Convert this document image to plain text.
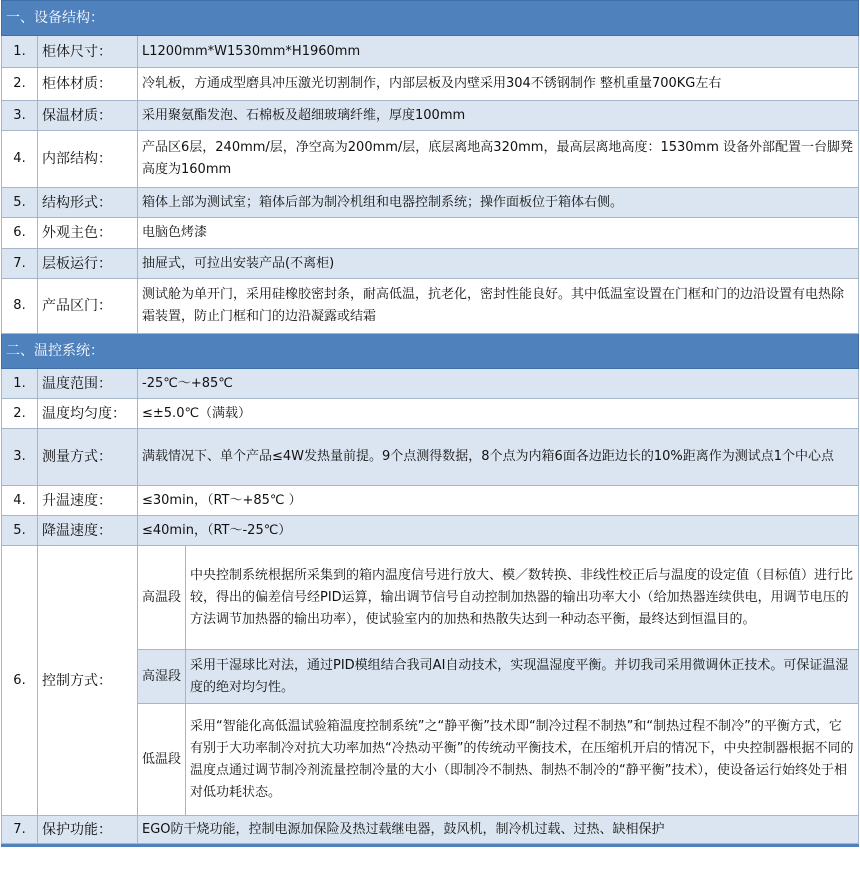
一、设备结构：			
1.	柜体尺寸：	L1200mm*W1530mm*H1960mm	
2.	柜体材质：	冷轧板，方通成型磨具冲压激光切割制作，内部层板及内壁采用304不锈钢制作 整机重量700KG左右	
3.	保温材质：	采用聚氨酯发泡、石棉板及超细玻璃纤维，厚度100mm	
4.	内部结构：	产品区6层，240mm/层，净空高为200mm/层，底层离地高320mm，最高层离地高度：1530mm 设备外部配置一台脚凳高度为160mm	
5.	结构形式：	箱体上部为测试室；箱体后部为制冷机组和电器控制系统；操作面板位于箱体右侧。	
6.	外观主色：	电脑色烤漆	
7.	层板运行：	抽屉式，可拉出安装产品(不离柜)	
8.	产品区门：	测试舱为单开门，采用硅橡胶密封条，耐高低温，抗老化，密封性能良好。其中低温室设置在门框和门的边沿设置有电热除霜装置，防止门框和门的边沿凝露或结霜	
二、温控系统：			
1.	温度范围：	-25℃～+85℃	
2.	温度均匀度：	≤±5.0℃（满载）	
3.	测量方式：	满载情况下、单个产品≤4W发热量前提。9个点测得数据，8个点为内箱6面各边距边长的10%距离作为测试点1个中心点	
4.	升温速度：	≤30min，（RT～+85℃ ）	
5.	降温速度：	≤40min，（RT～-25℃）	
6.	控制方式：	高温段	中央控制系统根据所采集到的箱内温度信号进行放大、模／数转换、非线性校正后与温度的设定值（目标值）进行比较，得出的偏差信号经PID运算，输出调节信号自动控制加热器的输出功率大小（给加热器连续供电，用调节电压的方法调节加热器的输出功率），使试验室内的加热和热散失达到一种动态平衡，最终达到恒温目的。
		高湿段	采用干湿球比对法，通过PID模组结合我司AI自动技术，实现温湿度平衡。并切我司采用微调休正技术。可保证温湿度的绝对均匀性。
		低温段	采用“智能化高低温试验箱温度控制系统”之“静平衡”技术即“制冷过程不制热”和“制热过程不制冷”的平衡方式，它有别于大功率制冷对抗大功率加热“冷热动平衡”的传统动平衡技术，在压缩机开启的情况下，中央控制器根据不同的温度点通过调节制冷剂流量控制冷量的大小（即制冷不制热、制热不制冷的“静平衡”技术），使设备运行始终处于相对低功耗状态。
7.	保护功能：	EGO防干烧功能，控制电源加保险及热过载继电器，鼓风机，制冷机过载、过热、缺相保护	
